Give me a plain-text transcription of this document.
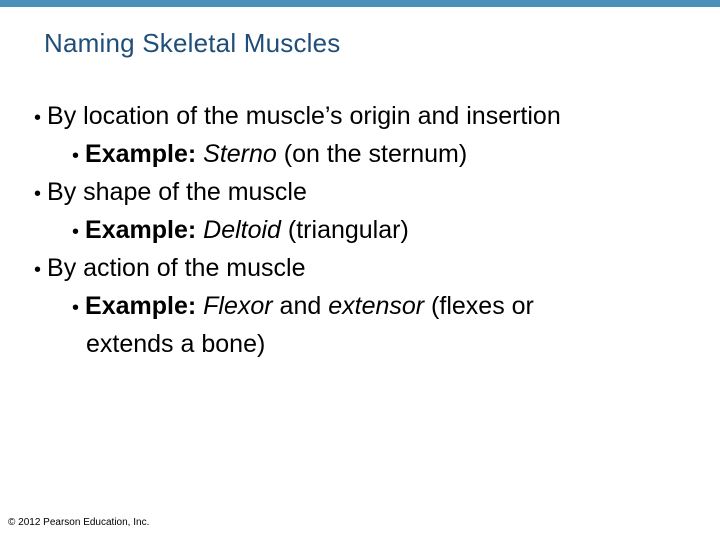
Naming Skeletal Muscles
• By location of the muscle’s origin and insertion
• Example: Sterno (on the sternum)
• By shape of the muscle
• Example: Deltoid (triangular)
• By action of the muscle
• Example: Flexor and extensor (flexes or
extends a bone)
© 2012 Pearson Education, Inc.
